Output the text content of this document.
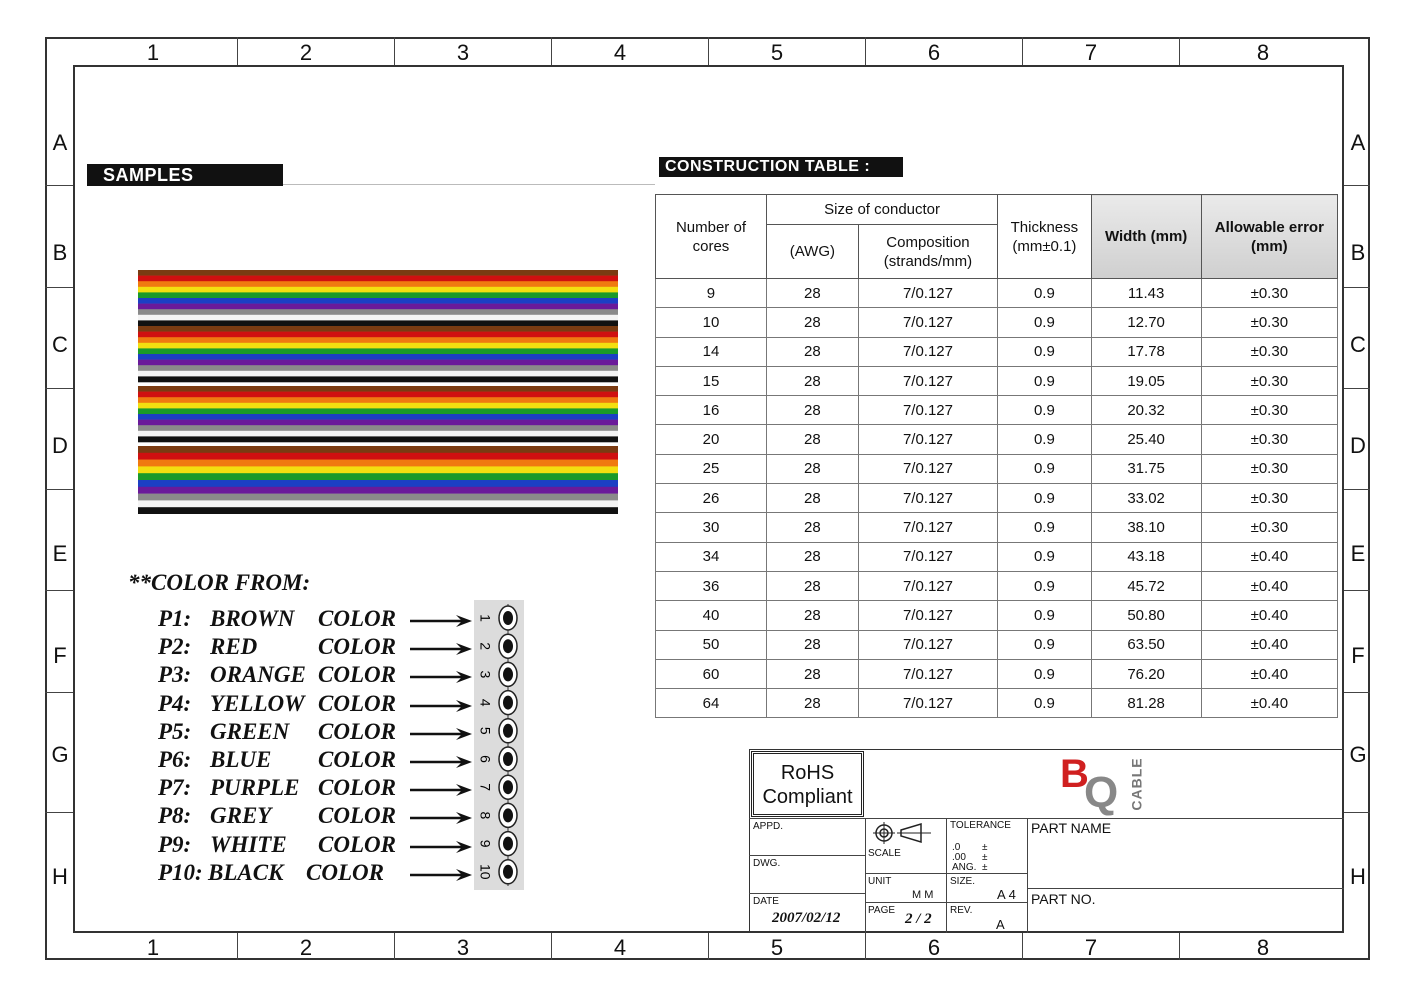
1	2	3	4	5	6	7	8
1	2	3	4	5	6	7	8
A
B
C
D
E
F
G
H
A
B
C
D
E
F
G
H
SAMPLES
**COLOR FROM:
P1: BROWN COLOR
P2: RED	COLOR
P3: ORANGE COLOR
P4: YELLOW COLOR
P5: GREEN COLOR
P6: BLUE COLOR
P7: PURPLE COLOR
P8: GREY COLOR
P9: WHITE COLOR
P10: BLACK COLOR
1
2
3
4
5
6
7
8
9
10
CONSTRUCTION TABLE :
Number of cores	Size of conductor		Thickness (mm±0.1)	Width (mm)	Allowable error (mm)
	(AWG)	Composition (strands/mm)			
9	28	7/0.127	0.9	11.43	±0.30
10	28	7/0.127	0.9	12.70	±0.30
14	28	7/0.127	0.9	17.78	±0.30
15	28	7/0.127	0.9	19.05	±0.30
16	28	7/0.127	0.9	20.32	±0.30
20	28	7/0.127	0.9	25.40	±0.30
25	28	7/0.127	0.9	31.75	±0.30
26	28	7/0.127	0.9	33.02	±0.30
30	28	7/0.127	0.9	38.10	±0.30
34	28	7/0.127	0.9	43.18	±0.40
36	28	7/0.127	0.9	45.72	±0.40
40	28	7/0.127	0.9	50.80	±0.40
50	28	7/0.127	0.9	63.50	±0.40
60	28	7/0.127	0.9	76.20	±0.40
64	28	7/0.127	0.9	81.28	±0.40
RoHS
Compliant
B
Q CABLE
APPD.
DWG.
DATE
2007/02/12
SCALE
UNIT
M M
PAGE
2 / 2
TOLERANCE
.0 ±
.00 ±
ANG. ±
SIZE.
A 4
REV.
A
PART NAME
PART NO.
